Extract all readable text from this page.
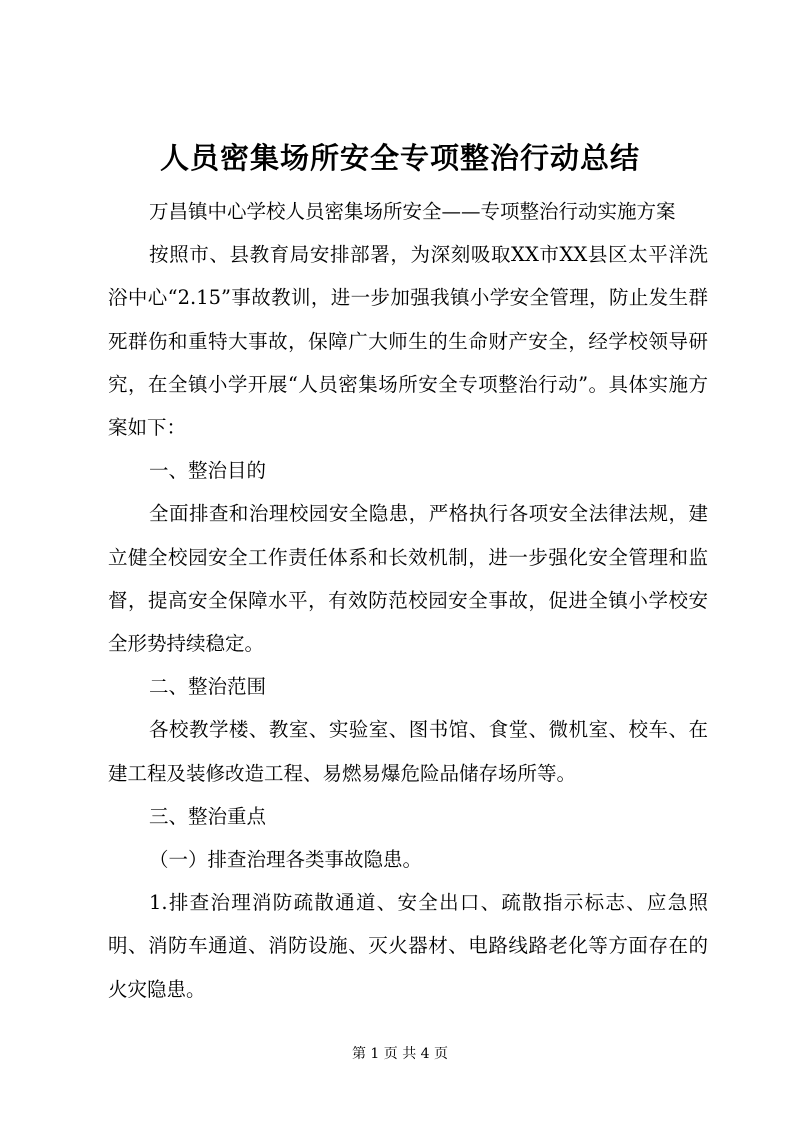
人员密集场所安全专项整治行动总结

万昌镇中心学校人员密集场所安全——专项整治行动实施方案

按照市、县教育局安排部署，为深刻吸取XX市XX县区太平洋洗浴中心“2.15”事故教训，进一步加强我镇小学安全管理，防止发生群死群伤和重特大事故，保障广大师生的生命财产安全，经学校领导研究，在全镇小学开展“人员密集场所安全专项整治行动”。具体实施方案如下：

一、整治目的

全面排查和治理校园安全隐患，严格执行各项安全法律法规，建立健全校园安全工作责任体系和长效机制，进一步强化安全管理和监督，提高安全保障水平，有效防范校园安全事故，促进全镇小学校安全形势持续稳定。

二、整治范围

各校教学楼、教室、实验室、图书馆、食堂、微机室、校车、在建工程及装修改造工程、易燃易爆危险品储存场所等。

三、整治重点

（一）排查治理各类事故隐患。

1.排查治理消防疏散通道、安全出口、疏散指示标志、应急照明、消防车通道、消防设施、灭火器材、电路线路老化等方面存在的火灾隐患。

第 1 页 共 4 页
